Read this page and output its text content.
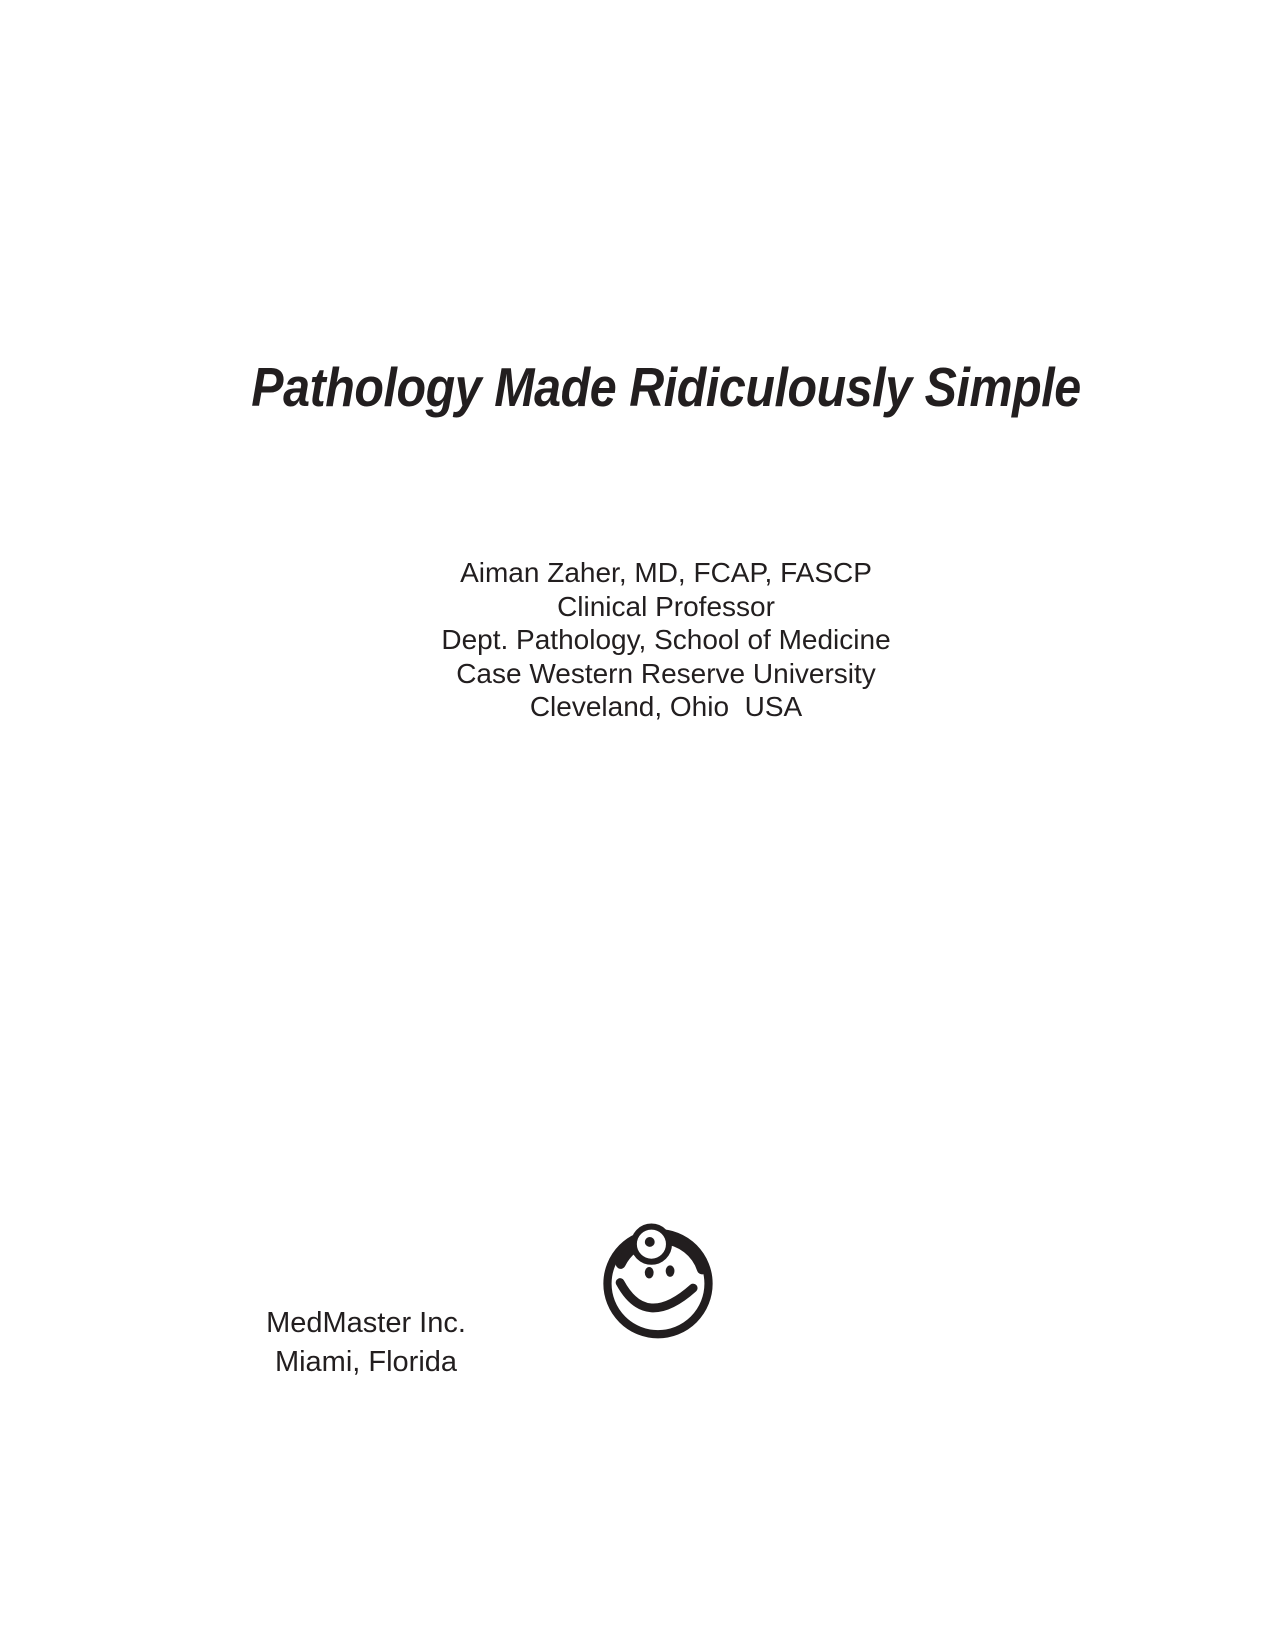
Pathology Made Ridiculously Simple
Aiman Zaher, MD, FCAP, FASCP
Clinical Professor
Dept. Pathology, School of Medicine
Case Western Reserve University
Cleveland, Ohio  USA
MedMaster Inc.
Miami, Florida
